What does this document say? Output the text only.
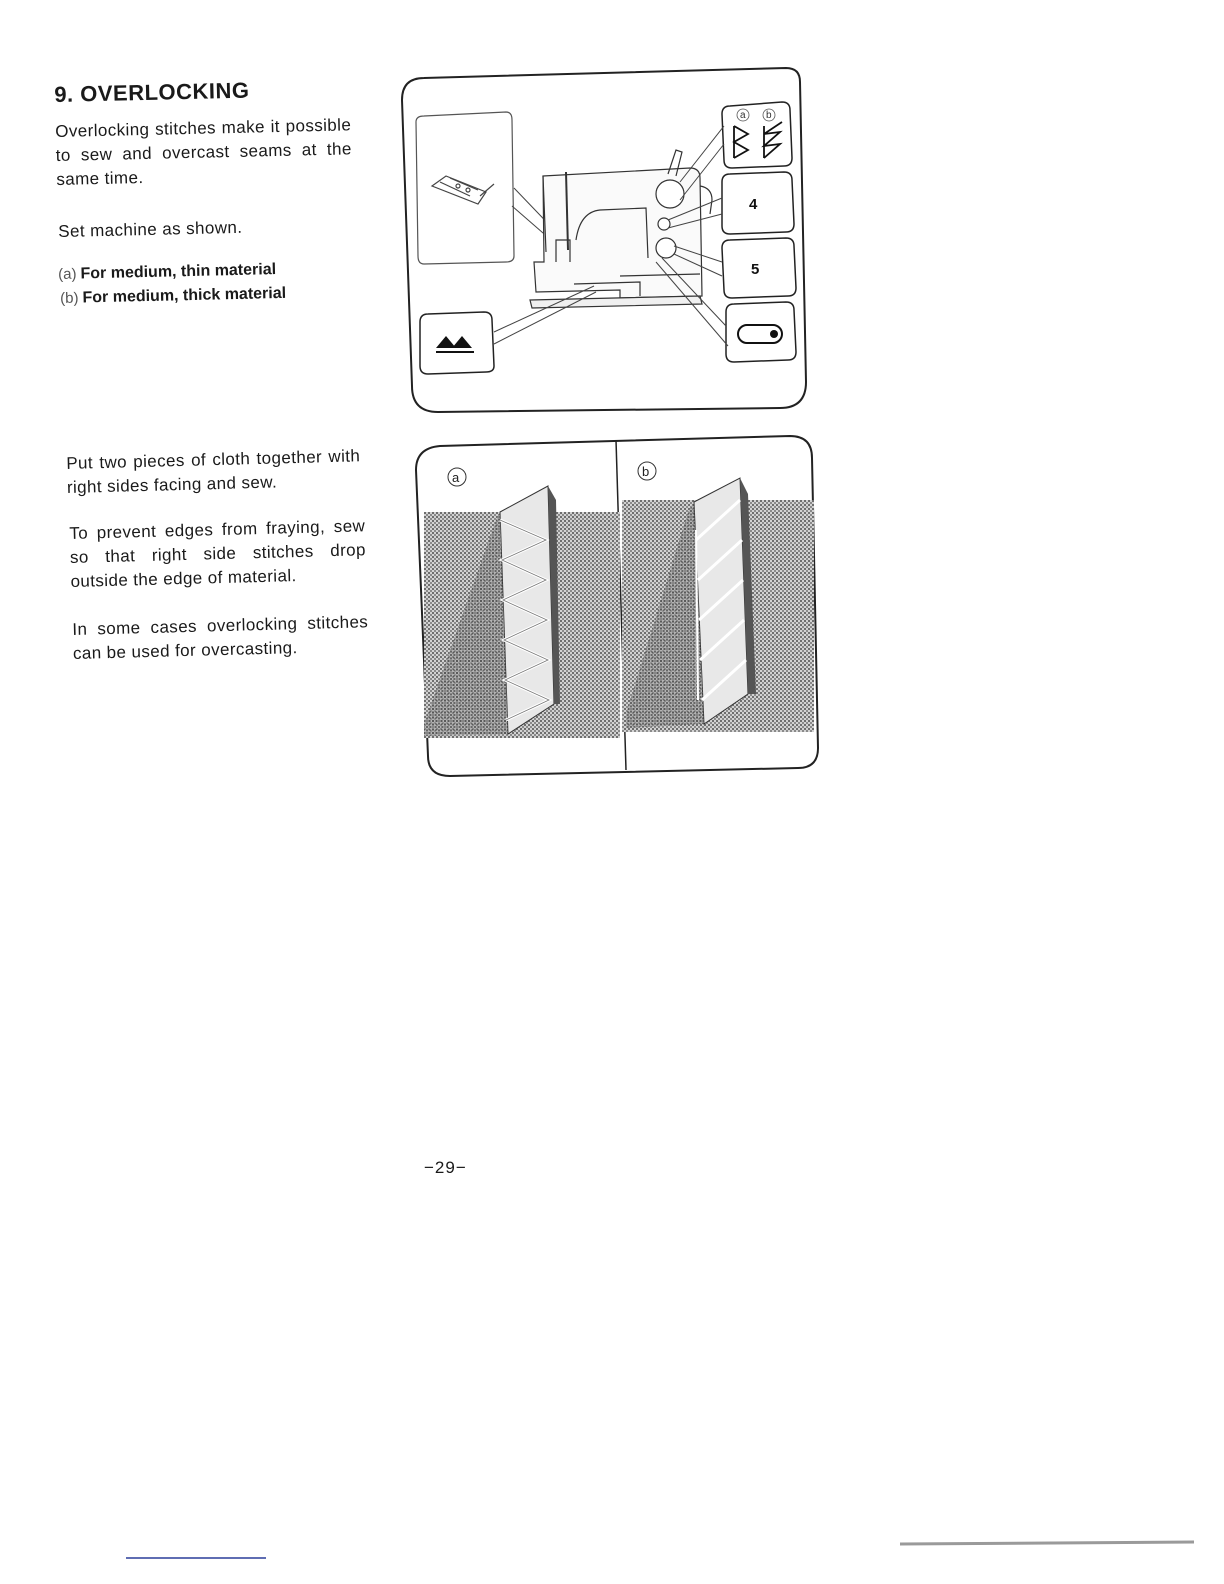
a b
4
5
a	b
9. OVERLOCKING
Overlocking stitches make it possible to sew and overcast seams at the same time.
Set machine as shown.
(a) For medium, thin material
(b) For medium, thick material
Put two pieces of cloth together with right sides facing and sew.
To prevent edges from fraying, sew so that right side stitches drop outside the edge of material.
In some cases overlocking stitches can be used for overcasting.
−29−
